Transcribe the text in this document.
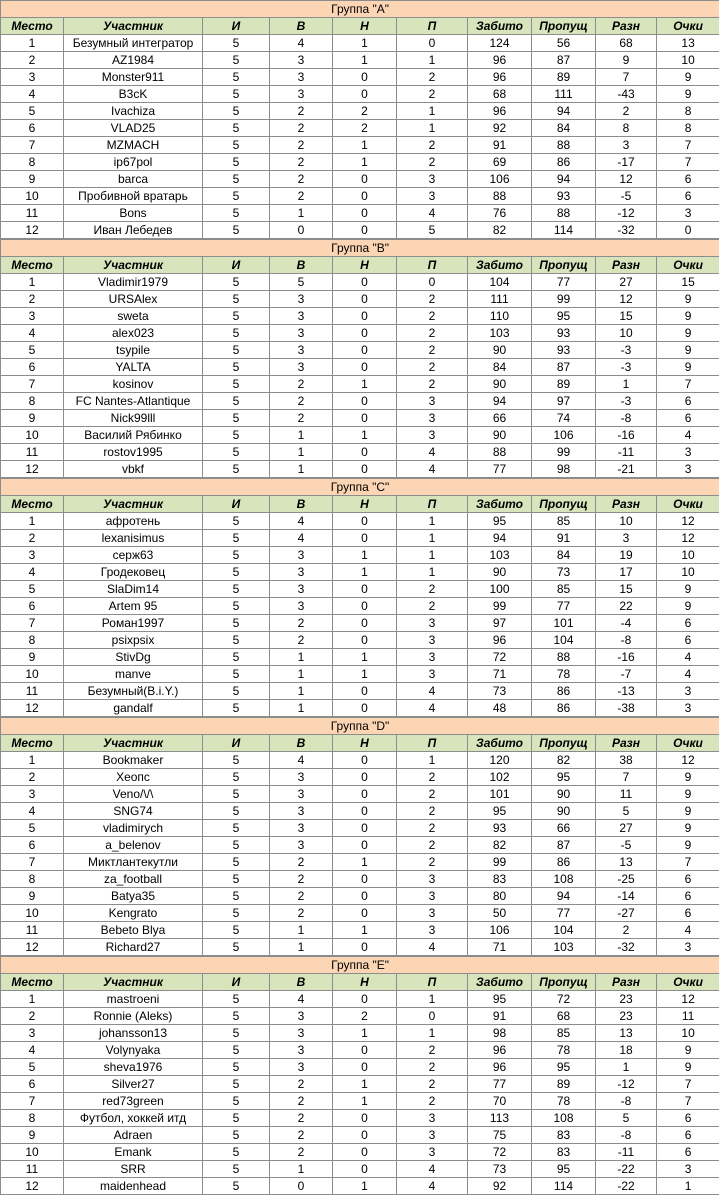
Группа "A"									
Место	Участник	И	В	Н	П	Забито	Пропущ	Разн	Очки
1	Безумный интегратор	5	4	1	0	124	56	68	13
2	AZ1984	5	3	1	1	96	87	9	10
3	Monster911	5	3	0	2	96	89	7	9
4	B3cK	5	3	0	2	68	111	-43	9
5	Ivachiza	5	2	2	1	96	94	2	8
6	VLAD25	5	2	2	1	92	84	8	8
7	MZMACH	5	2	1	2	91	88	3	7
8	ip67pol	5	2	1	2	69	86	-17	7
9	barca	5	2	0	3	106	94	12	6
10	Пробивной вратарь	5	2	0	3	88	93	-5	6
11	Bons	5	1	0	4	76	88	-12	3
12	Иван Лебедев	5	0	0	5	82	114	-32	0
Группа "B"									
Место	Участник	И	В	Н	П	Забито	Пропущ	Разн	Очки
1	Vladimir1979	5	5	0	0	104	77	27	15
2	URSAlex	5	3	0	2	111	99	12	9
3	sweta	5	3	0	2	110	95	15	9
4	alex023	5	3	0	2	103	93	10	9
5	tsypile	5	3	0	2	90	93	-3	9
6	YALTA	5	3	0	2	84	87	-3	9
7	kosinov	5	2	1	2	90	89	1	7
8	FC Nantes-Atlantique	5	2	0	3	94	97	-3	6
9	Nick99lll	5	2	0	3	66	74	-8	6
10	Василий Рябинко	5	1	1	3	90	106	-16	4
11	rostov1995	5	1	0	4	88	99	-11	3
12	vbkf	5	1	0	4	77	98	-21	3
Группа "C"									
Место	Участник	И	В	Н	П	Забито	Пропущ	Разн	Очки
1	афротень	5	4	0	1	95	85	10	12
2	lexanisimus	5	4	0	1	94	91	3	12
3	серж63	5	3	1	1	103	84	19	10
4	Гродековец	5	3	1	1	90	73	17	10
5	SlaDim14	5	3	0	2	100	85	15	9
6	Artem 95	5	3	0	2	99	77	22	9
7	Роман1997	5	2	0	3	97	101	-4	6
8	psixpsix	5	2	0	3	96	104	-8	6
9	StivDg	5	1	1	3	72	88	-16	4
10	manve	5	1	1	3	71	78	-7	4
11	Безумный(B.i.Y.)	5	1	0	4	73	86	-13	3
12	gandalf	5	1	0	4	48	86	-38	3
Группа "D"									
Место	Участник	И	В	Н	П	Забито	Пропущ	Разн	Очки
1	Bookmaker	5	4	0	1	120	82	38	12
2	Хеопс	5	3	0	2	102	95	7	9
3	Veno/\/\	5	3	0	2	101	90	11	9
4	SNG74	5	3	0	2	95	90	5	9
5	vladimirych	5	3	0	2	93	66	27	9
6	a_belenov	5	3	0	2	82	87	-5	9
7	Миктлантекутли	5	2	1	2	99	86	13	7
8	za_football	5	2	0	3	83	108	-25	6
9	Batya35	5	2	0	3	80	94	-14	6
10	Kengrato	5	2	0	3	50	77	-27	6
11	Bebeto Blya	5	1	1	3	106	104	2	4
12	Richard27	5	1	0	4	71	103	-32	3
Группа "E"									
Место	Участник	И	В	Н	П	Забито	Пропущ	Разн	Очки
1	mastroeni	5	4	0	1	95	72	23	12
2	Ronnie (Aleks)	5	3	2	0	91	68	23	11
3	johansson13	5	3	1	1	98	85	13	10
4	Volynyaka	5	3	0	2	96	78	18	9
5	sheva1976	5	3	0	2	96	95	1	9
6	Silver27	5	2	1	2	77	89	-12	7
7	red73green	5	2	1	2	70	78	-8	7
8	Футбол, хоккей итд	5	2	0	3	113	108	5	6
9	Adraen	5	2	0	3	75	83	-8	6
10	Emank	5	2	0	3	72	83	-11	6
11	SRR	5	1	0	4	73	95	-22	3
12	maidenhead	5	0	1	4	92	114	-22	1
